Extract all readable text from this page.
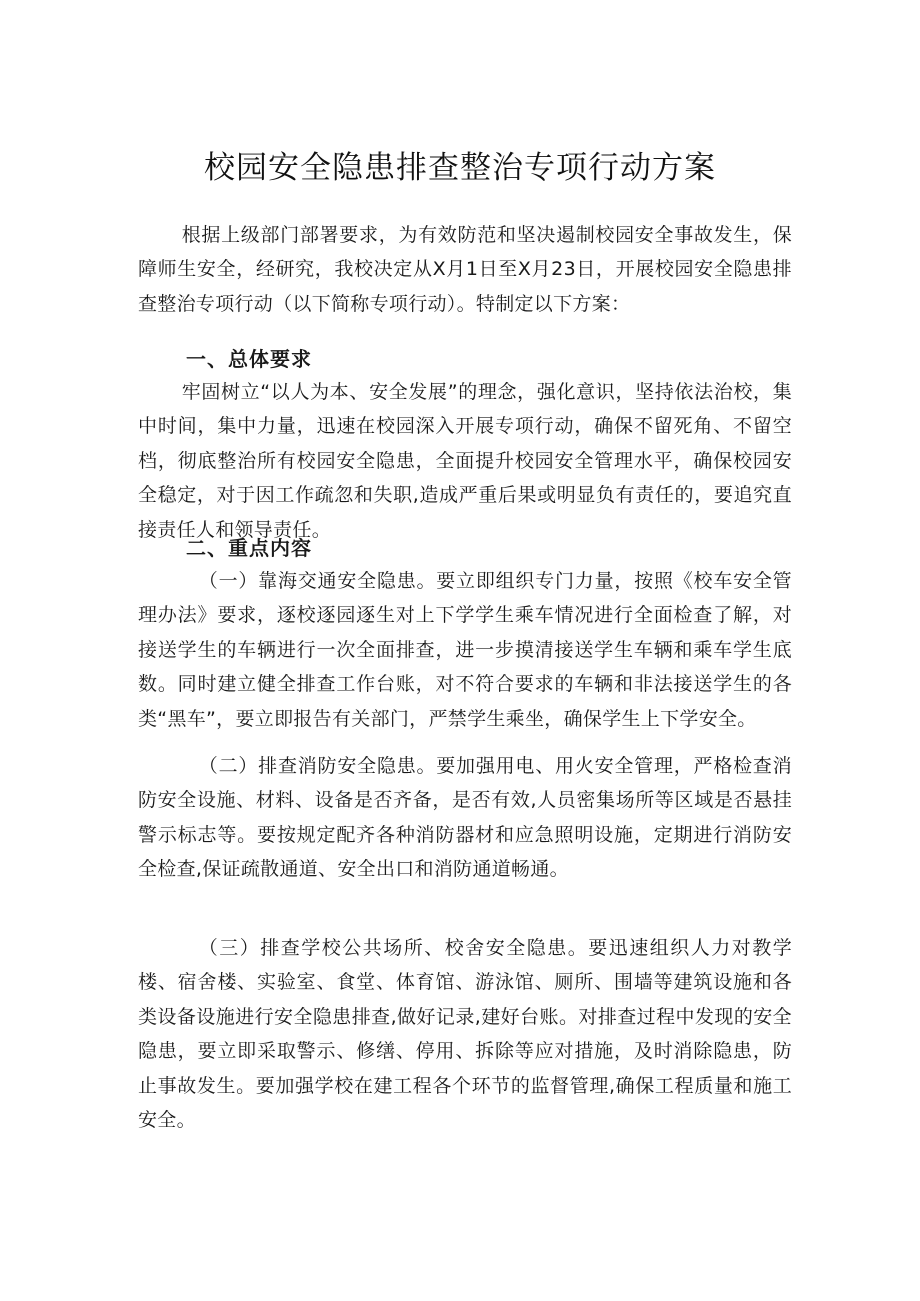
校园安全隐患排查整治专项行动方案

根据上级部门部署要求，为有效防范和坚决遏制校园安全事故发生，保障师生安全，经研究，我校决定从X月1日至X月23日，开展校园安全隐患排查整治专项行动（以下简称专项行动）。特制定以下方案：

一、总体要求

牢固树立“以人为本、安全发展”的理念，强化意识，坚持依法治校，集中时间，集中力量，迅速在校园深入开展专项行动，确保不留死角、不留空档，彻底整治所有校园安全隐患，全面提升校园安全管理水平，确保校园安全稳定，对于因工作疏忽和失职,造成严重后果或明显负有责任的，要追究直接责任人和领导责任。

二、重点内容

（一）靠海交通安全隐患。要立即组织专门力量，按照《校车安全管理办法》要求，逐校逐园逐生对上下学学生乘车情况进行全面检查了解，对接送学生的车辆进行一次全面排查，进一步摸清接送学生车辆和乘车学生底数。同时建立健全排查工作台账，对不符合要求的车辆和非法接送学生的各类“黑车”，要立即报告有关部门，严禁学生乘坐，确保学生上下学安全。

（二）排查消防安全隐患。要加强用电、用火安全管理，严格检查消防安全设施、材料、设备是否齐备，是否有效,人员密集场所等区域是否悬挂警示标志等。要按规定配齐各种消防器材和应急照明设施，定期进行消防安全检查,保证疏散通道、安全出口和消防通道畅通。

（三）排查学校公共场所、校舍安全隐患。要迅速组织人力对教学楼、宿舍楼、实验室、食堂、体育馆、游泳馆、厕所、围墙等建筑设施和各类设备设施进行安全隐患排查,做好记录,建好台账。对排查过程中发现的安全隐患，要立即采取警示、修缮、停用、拆除等应对措施，及时消除隐患，防止事故发生。要加强学校在建工程各个环节的监督管理,确保工程质量和施工安全。
